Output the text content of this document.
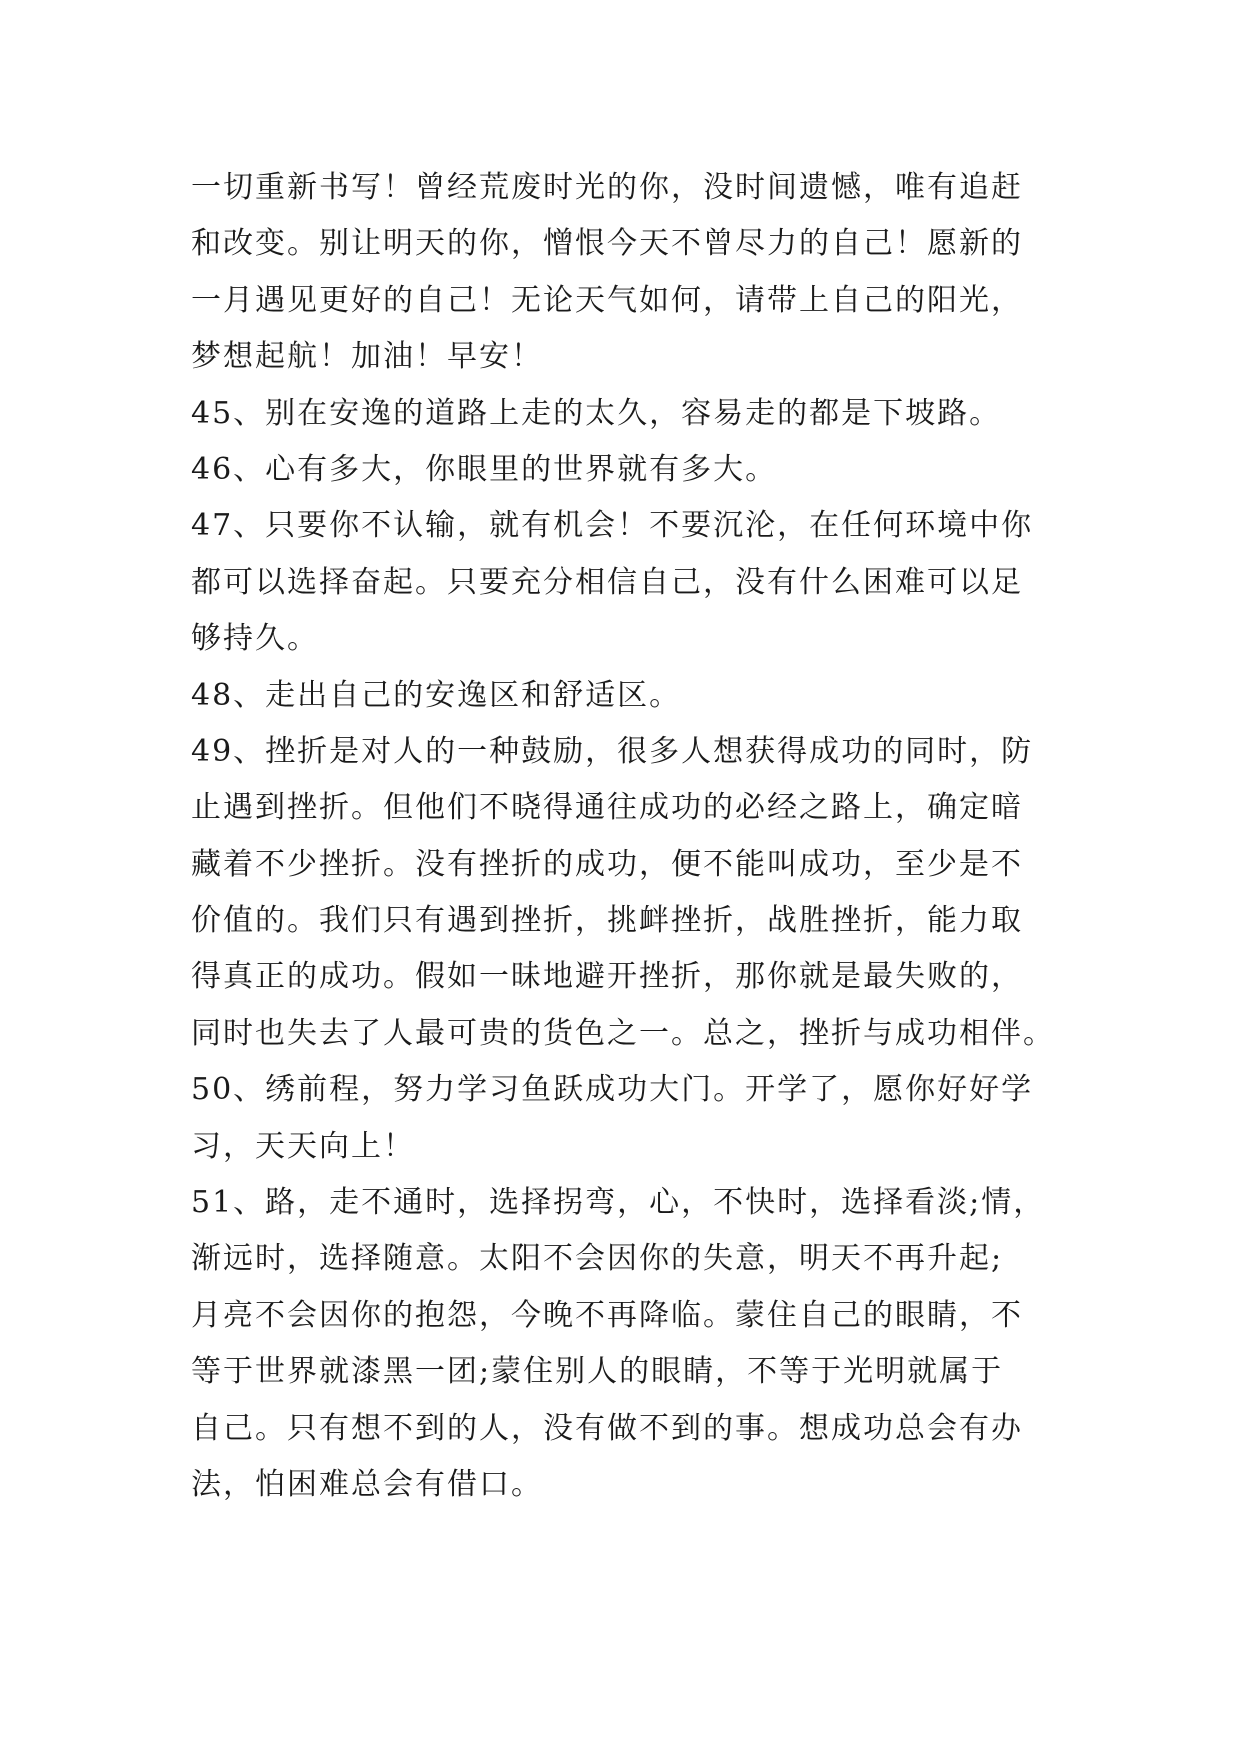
一切重新书写！曾经荒废时光的你，没时间遗憾，唯有追赶
和改变。别让明天的你，憎恨今天不曾尽力的自己！愿新的
一月遇见更好的自己！无论天气如何，请带上自己的阳光，
梦想起航！加油！早安！
45、别在安逸的道路上走的太久，容易走的都是下坡路。
46、心有多大，你眼里的世界就有多大。
47、只要你不认输，就有机会！不要沉沦，在任何环境中你
都可以选择奋起。只要充分相信自己，没有什么困难可以足
够持久。
48、走出自己的安逸区和舒适区。
49、挫折是对人的一种鼓励，很多人想获得成功的同时，防
止遇到挫折。但他们不晓得通往成功的必经之路上，确定暗
藏着不少挫折。没有挫折的成功，便不能叫成功，至少是不
价值的。我们只有遇到挫折，挑衅挫折，战胜挫折，能力取
得真正的成功。假如一昧地避开挫折，那你就是最失败的，
同时也失去了人最可贵的货色之一。总之，挫折与成功相伴。
50、绣前程，努力学习鱼跃成功大门。开学了，愿你好好学
习，天天向上！
51、路，走不通时，选择拐弯，心，不快时，选择看淡;情，
渐远时，选择随意。太阳不会因你的失意，明天不再升起;
月亮不会因你的抱怨，今晚不再降临。蒙住自己的眼睛，不
等于世界就漆黑一团;蒙住别人的眼睛，不等于光明就属于
自己。只有想不到的人，没有做不到的事。想成功总会有办
法，怕困难总会有借口。
